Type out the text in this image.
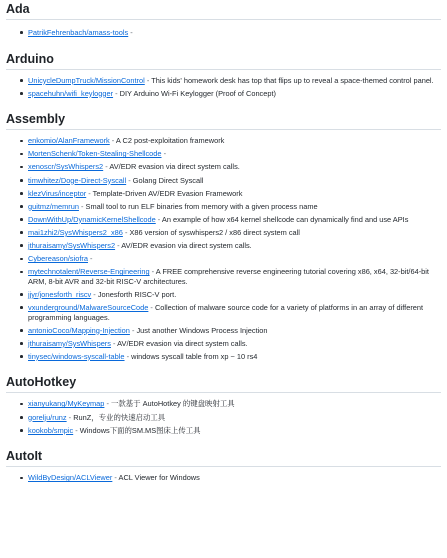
Ada
PatrikFehrenbach/amass-tools -
Arduino
UnicycleDumpTruck/MissionControl - This kids' homework desk has top that flips up to reveal a space-themed control panel.
spacehuhn/wifi_keylogger - DIY Arduino Wi-Fi Keylogger (Proof of Concept)
Assembly
enkomio/AlanFramework - A C2 post-exploitation framework
MortenSchenk/Token-Stealing-Shellcode -
xenoscr/SysWhispers2 - AV/EDR evasion via direct system calls.
timwhitez/Doge-Direct-Syscall - Golang Direct Syscall
klezVirus/inceptor - Template-Driven AV/EDR Evasion Framework
guitmz/memrun - Small tool to run ELF binaries from memory with a given process name
DownWithUp/DynamicKernelShellcode - An example of how x64 kernel shellcode can dynamically find and use APIs
mai1zhi2/SysWhispers2_x86 - X86 version of syswhispers2 / x86 direct system call
jthuraisamy/SysWhispers2 - AV/EDR evasion via direct system calls.
Cybereason/siofra -
mytechnotalent/Reverse-Engineering - A FREE comprehensive reverse engineering tutorial covering x86, x64, 32-bit/64-bit ARM, 8-bit AVR and 32-bit RISC-V architectures.
jjyr/jonesforth_riscv - Jonesforth RISC-V port.
vxunderground/MalwareSourceCode - Collection of malware source code for a variety of platforms in an array of different programming languages.
antonioCoco/Mapping-Injection - Just another Windows Process Injection
jthuraisamy/SysWhispers - AV/EDR evasion via direct system calls.
tinysec/windows-syscall-table - windows syscall table from xp ~ 10 rs4
AutoHotkey
xianyukang/MyKeymap - 一款基于 AutoHotkey 的键盘映射工具
gorelju/runz - RunZ，专业的快速启动工具
kookob/smpic - Windows下面的SM.MS图床上传工具
AutoIt
WildByDesign/ACLViewer - ACL Viewer for Windows
